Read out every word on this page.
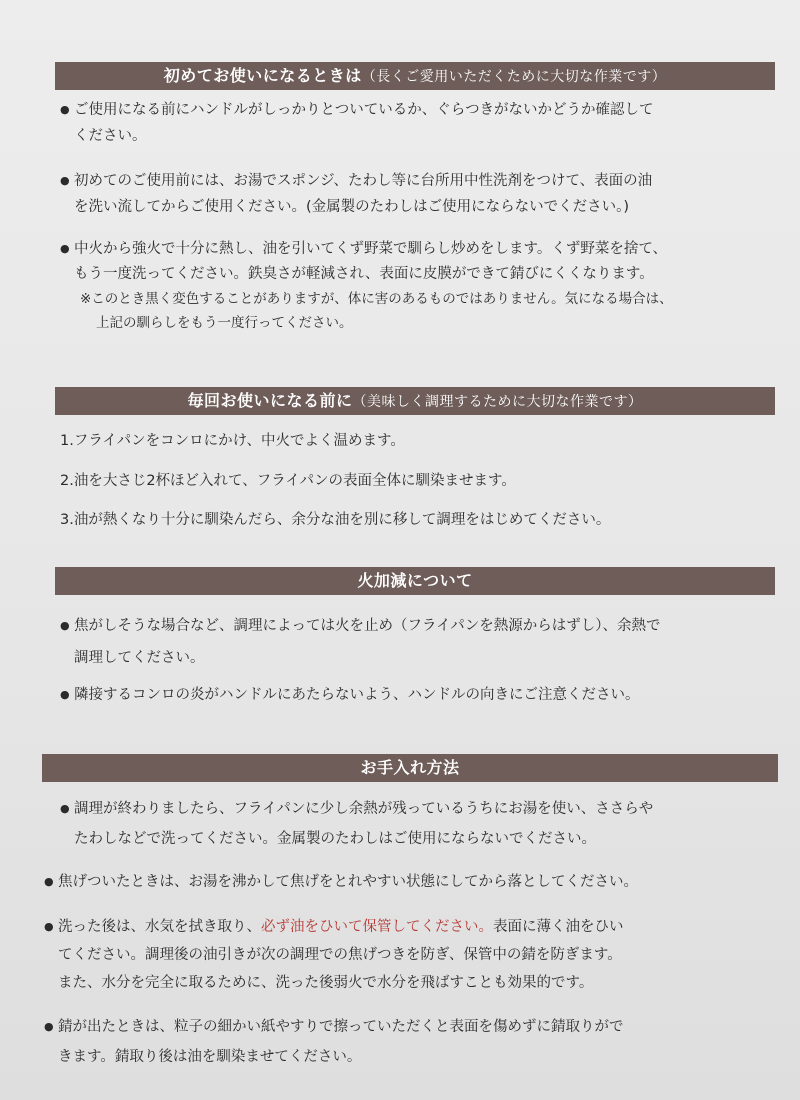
初めてお使いになるときは（長くご愛用いただくために大切な作業です）
● ご使用になる前にハンドルがしっかりとついているか、ぐらつきがないかどうか確認して
ください。
● 初めてのご使用前には、お湯でスポンジ、たわし等に台所用中性洗剤をつけて、表面の油
を洗い流してからご使用ください。(金属製のたわしはご使用にならないでください。)
● 中火から強火で十分に熱し、油を引いてくず野菜で馴らし炒めをします。くず野菜を捨て、
もう一度洗ってください。鉄臭さが軽減され、表面に皮膜ができて錆びにくくなります。
※このとき黒く変色することがありますが、体に害のあるものではありません。気になる場合は、
上記の馴らしをもう一度行ってください。
毎回お使いになる前に（美味しく調理するために大切な作業です）
1.フライパンをコンロにかけ、中火でよく温めます。
2.油を大さじ2杯ほど入れて、フライパンの表面全体に馴染ませます。
3.油が熱くなり十分に馴染んだら、余分な油を別に移して調理をはじめてください。
火加減について
● 焦がしそうな場合など、調理によっては火を止め（フライパンを熱源からはずし）、余熱で
調理してください。
● 隣接するコンロの炎がハンドルにあたらないよう、ハンドルの向きにご注意ください。
お手入れ方法
● 調理が終わりましたら、フライパンに少し余熱が残っているうちにお湯を使い、ささらや
たわしなどで洗ってください。金属製のたわしはご使用にならないでください。
● 焦げついたときは、お湯を沸かして焦げをとれやすい状態にしてから落としてください。
● 洗った後は、水気を拭き取り、必ず油をひいて保管してください。表面に薄く油をひい
てください。調理後の油引きが次の調理での焦げつきを防ぎ、保管中の錆を防ぎます。
また、水分を完全に取るために、洗った後弱火で水分を飛ばすことも効果的です。
● 錆が出たときは、粒子の細かい紙やすりで擦っていただくと表面を傷めずに錆取りがで
きます。錆取り後は油を馴染ませてください。
